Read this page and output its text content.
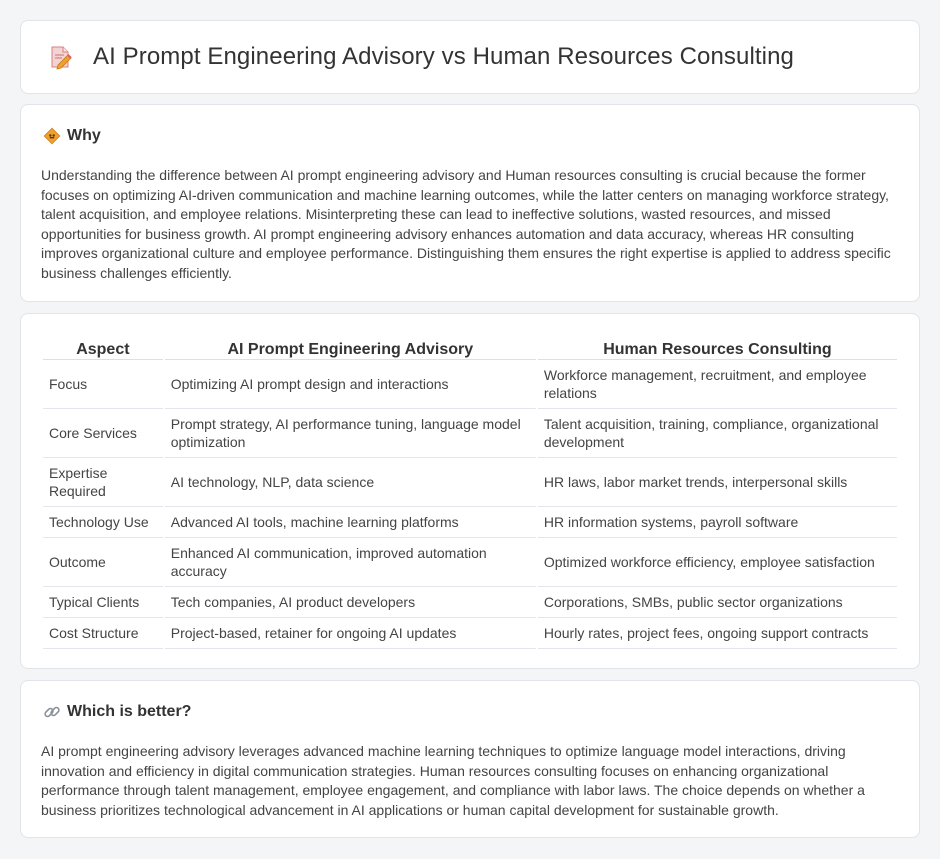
AI Prompt Engineering Advisory vs Human Resources Consulting
Why

Understanding the difference between AI prompt engineering advisory and Human resources consulting is crucial because the former focuses on optimizing AI-driven communication and machine learning outcomes, while the latter centers on managing workforce strategy, talent acquisition, and employee relations. Misinterpreting these can lead to ineffective solutions, wasted resources, and missed opportunities for business growth. AI prompt engineering advisory enhances automation and data accuracy, whereas HR consulting improves organizational culture and employee performance. Distinguishing them ensures the right expertise is applied to address specific business challenges efficiently.

Aspect	AI Prompt Engineering Advisory	Human Resources Consulting
Focus	Optimizing AI prompt design and interactions	Workforce management, recruitment, and employee relations
Core Services	Prompt strategy, AI performance tuning, language model optimization	Talent acquisition, training, compliance, organizational development
Expertise Required	AI technology, NLP, data science	HR laws, labor market trends, interpersonal skills
Technology Use	Advanced AI tools, machine learning platforms	HR information systems, payroll software
Outcome	Enhanced AI communication, improved automation accuracy	Optimized workforce efficiency, employee satisfaction
Typical Clients	Tech companies, AI product developers	Corporations, SMBs, public sector organizations
Cost Structure	Project-based, retainer for ongoing AI updates	Hourly rates, project fees, ongoing support contracts
Which is better?

AI prompt engineering advisory leverages advanced machine learning techniques to optimize language model interactions, driving innovation and efficiency in digital communication strategies. Human resources consulting focuses on enhancing organizational performance through talent management, employee engagement, and compliance with labor laws. The choice depends on whether a business prioritizes technological advancement in AI applications or human capital development for sustainable growth.
